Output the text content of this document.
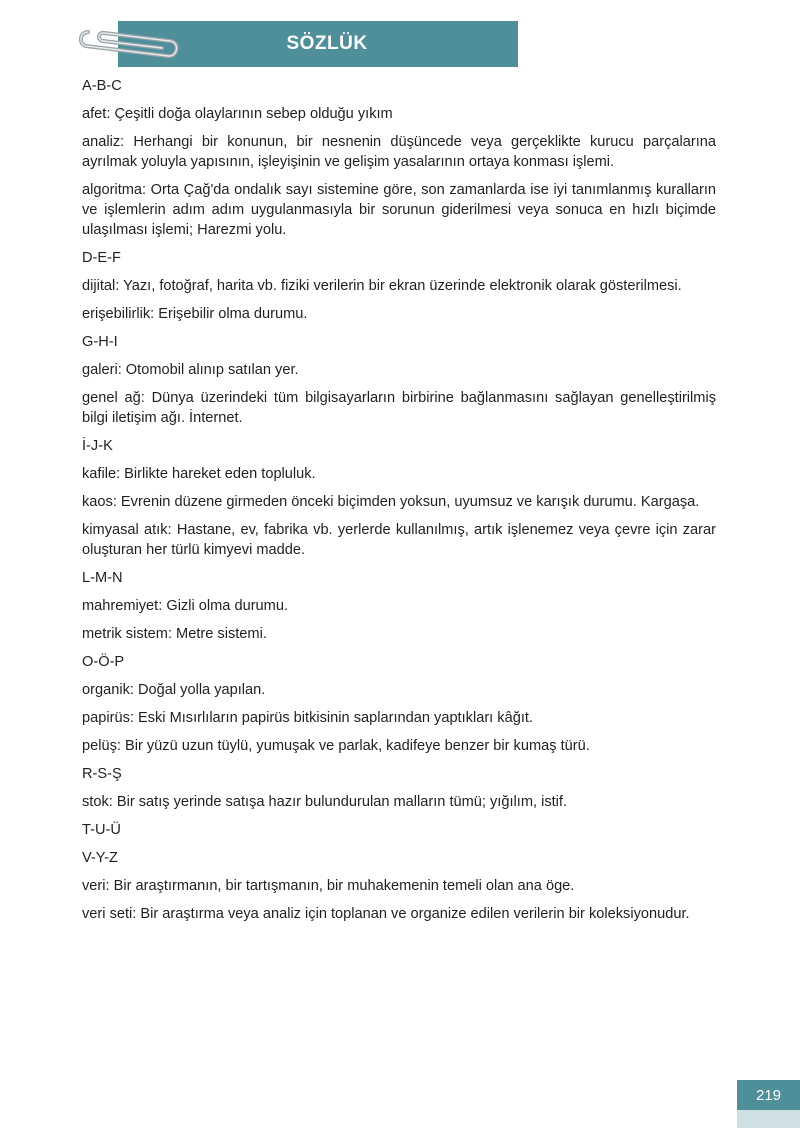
SÖZLÜK
A-B-C
afet: Çeşitli doğa olaylarının sebep olduğu yıkım
analiz: Herhangi bir konunun, bir nesnenin düşüncede veya gerçeklikte kurucu parçalarına ayrılmak yoluyla yapısının, işleyişinin ve gelişim yasalarının ortaya konması işlemi.
algoritma: Orta Çağ'da ondalık sayı sistemine göre, son zamanlarda ise iyi tanımlanmış kuralların ve işlemlerin adım adım uygulanmasıyla bir sorunun giderilmesi veya sonuca en hızlı biçimde ulaşılması işlemi; Harezmi yolu.
D-E-F
dijital: Yazı, fotoğraf, harita vb. fiziki verilerin bir ekran üzerinde elektronik olarak gösterilmesi.
erişebilirlik: Erişebilir olma durumu.
G-H-I
galeri: Otomobil alınıp satılan yer.
genel ağ: Dünya üzerindeki tüm bilgisayarların birbirine bağlanmasını sağlayan genelleştirilmiş bilgi iletişim ağı. İnternet.
İ-J-K
kafile: Birlikte hareket eden topluluk.
kaos: Evrenin düzene girmeden önceki biçimden yoksun, uyumsuz ve karışık durumu. Kargaşa.
kimyasal atık: Hastane, ev, fabrika vb. yerlerde kullanılmış, artık işlenemez veya çevre için zarar oluşturan her türlü kimyevi madde.
L-M-N
mahremiyet: Gizli olma durumu.
metrik sistem: Metre sistemi.
O-Ö-P
organik: Doğal yolla yapılan.
papirüs: Eski Mısırlıların papirüs bitkisinin saplarından yaptıkları kâğıt.
pelüş: Bir yüzü uzun tüylü, yumuşak ve parlak, kadifeye benzer bir kumaş türü.
R-S-Ş
stok: Bir satış yerinde satışa hazır bulundurulan malların tümü; yığılım, istif.
T-U-Ü
V-Y-Z
veri: Bir araştırmanın, bir tartışmanın, bir muhakemenin temeli olan ana öge.
veri seti: Bir araştırma veya analiz için toplanan ve organize edilen verilerin bir koleksiyonudur.
219
